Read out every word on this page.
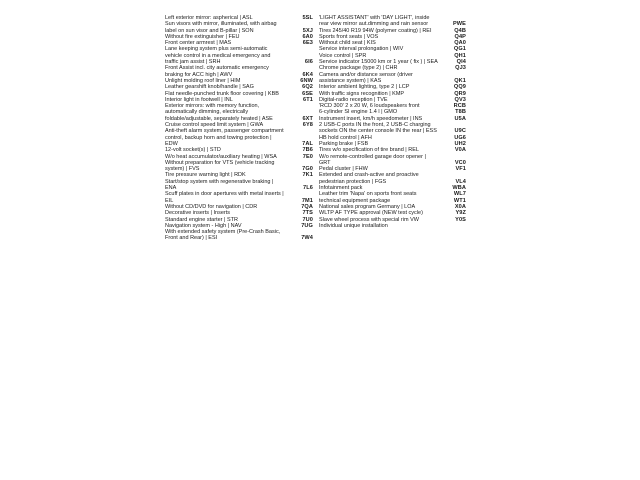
Left exterior mirror: aspherical | ASL	5SL
Sun visors with mirror, illuminated, with airbag label on sun visor and B-pillar | SON	5XJ
Without fire extinguisher | FEU	6A0
Front center armrest | MAS	6E3
Lane keeping system plus semi-automatic vehicle control in a medical emergency and traffic jam assist | SRH	6I6
Front Assist incl. city automatic emergency braking for ACC high | AWV	6K4
Unlight molding roof liner | HIM	6NW
Leather gearshift knob/handle | SAG	6Q2
Flat needle-punched trunk floor covering | KBB	6SE
Interior light in footwell | INL	6T1
Exterior mirrors: with memory function, automatically dimming, electrically foldable/adjustable, separately heated | ASE	6XT
Cruise control speed limit system | GWA	6Y8
Anti-theft alarm system, passenger compartment control, backup horn and towing protection | EDW	7AL
12-volt socket(s) | STD	7B6
W/o heat accumulator/auxiliary heating | WSA	7E0
Without preparation for VTS (vehicle tracking system) | FVS	7G0
Tire pressure warning light | RDK	7K1
Start/stop system with regenerative braking | ENA	7L6
Scuff plates in door apertures with metal inserts | EIL	7M1
Without CD/DVD for navigation | CDR	7QA
Decorative inserts | Inserts	7TS
Standard engine starter | STR	7U0
Navigation system - High | NAV	7UG
With extended safety system (Pre-Crash Basic, Front and Rear) | ESI	7W4
'LIGHT ASSISTANT' with 'DAY LIGHT', inside rear view mirror aut.dimming and rain sensor	PWE
Tires 245/40 R19 94W (polymer coating) | REI	Q4B
Sports front seats | VOS	Q4P
Without child seat | KIS	QA0
Service interval prolongation | WIV	QG1
Voice control | SPR	QH1
Service indicator 15000 km or 1 year ( fix ) | SEA	QI4
Chrome package (type 2) | CHR	QJ3
Camera and/or distance sensor (driver assistance system) | KAS	QK1
Interior ambient lighting, type 2 | LCP	QQ9
With traffic signs recognition | KMP	QR9
Digital-radio reception | TVE	QV3
'RCD 300' 2 x 20 W, 6 loudspeakers front	RCB
6-cylinder SI engine 1.4 l | GMO	T8B
Instrument insert, km/h speedometer | INS	U5A
2 USB-C ports IN the front, 2 USB-C charging sockets ON the center console IN the rear | ESS	U9C
HB hold control | AFH	UG6
Parking brake | FSB	UH2
Tires w/o specification of tire brand | REL	V0A
W/o remote-controlled garage door opener | GRT	VC0
Pedal cluster | FHW	VF1
Extended and crash-active and proactive pedestrian protection | FGS	VL4
Infotainment pack	WBA
Leather trim 'Napa' on sports front seats	WL7
technical equipment package	WT1
National sales program Germany | LOA	X0A
WLTP AF TYPE approval (NEW test cycle)	Y9Z
Slave wheel process with special rim VW	Y0S
Individual unique installation
